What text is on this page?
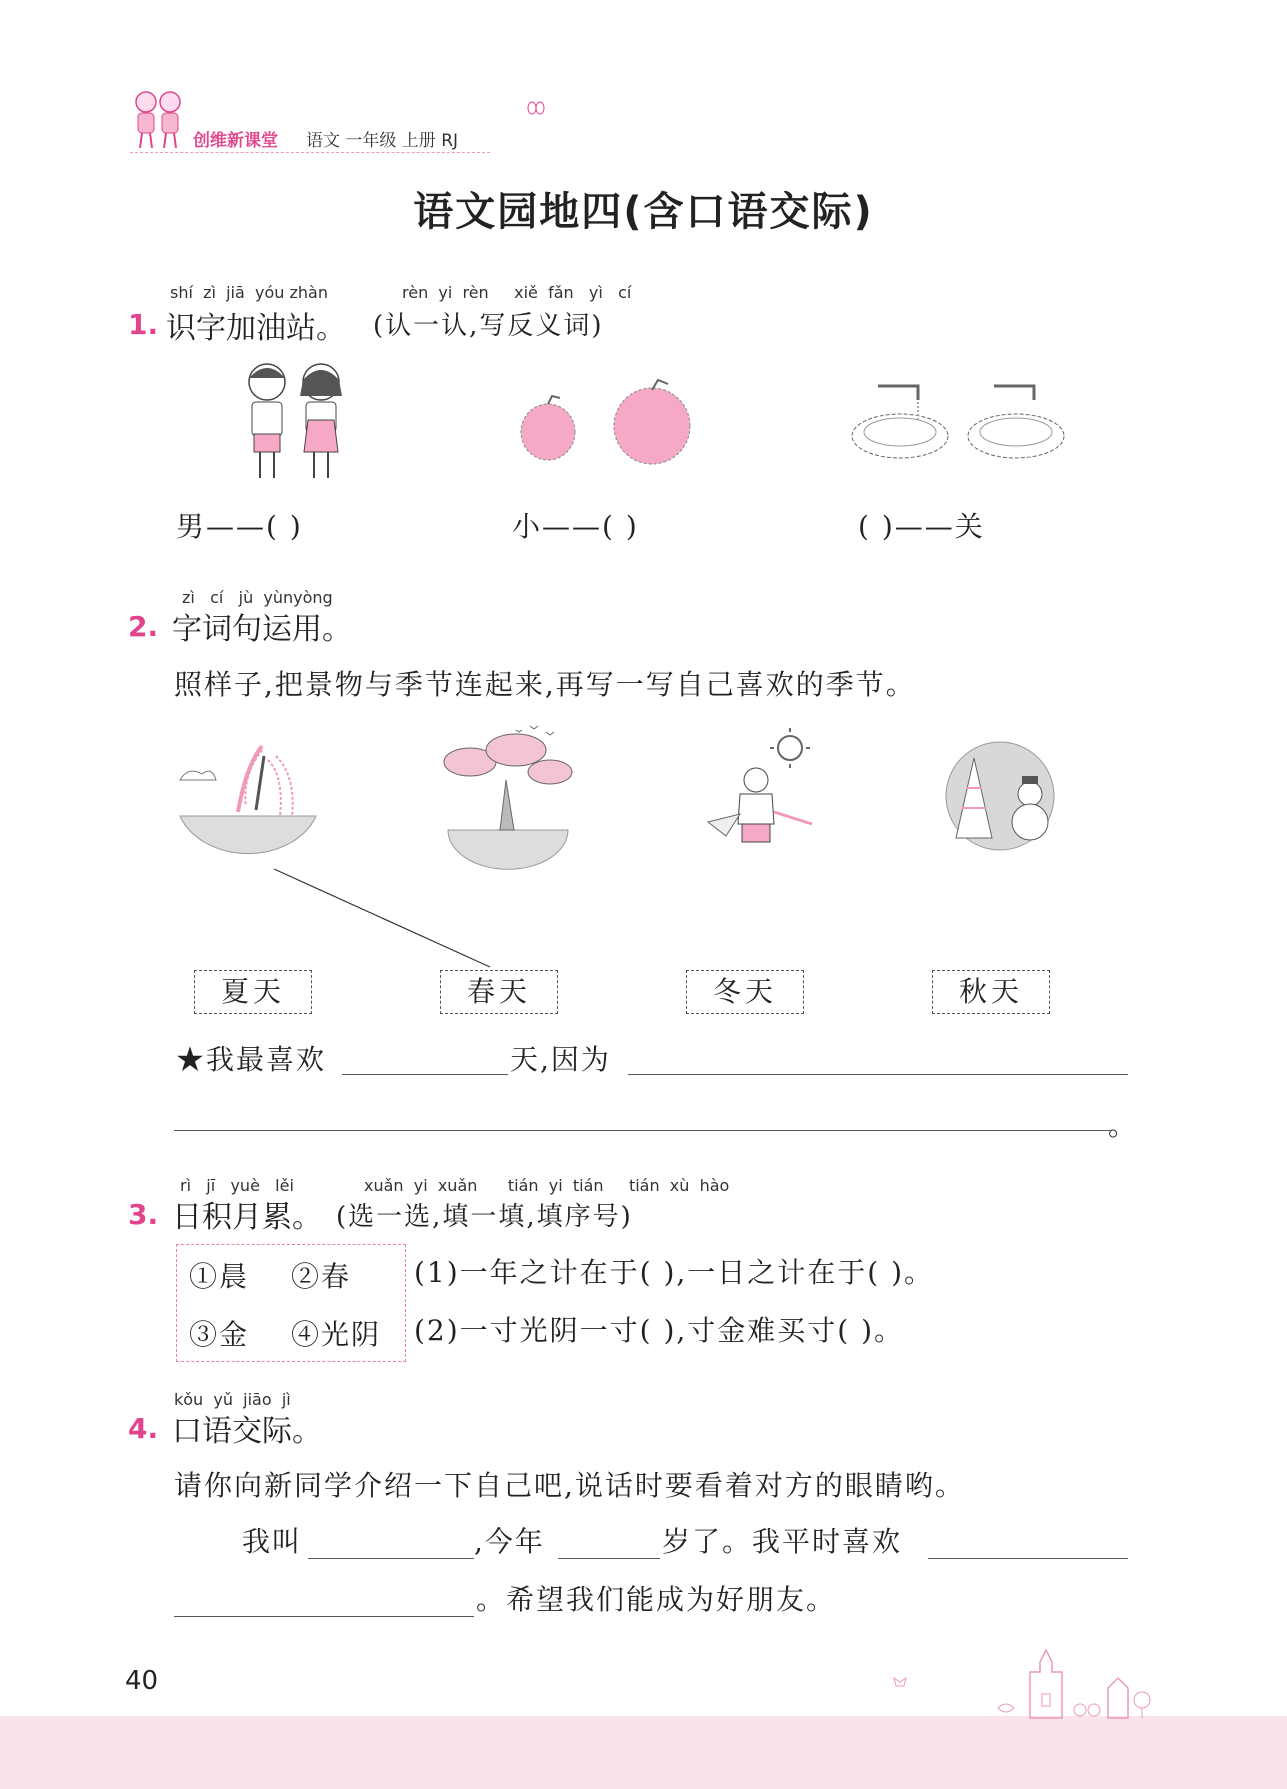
创维新课堂 语文 一年级 上册 RJ
语文园地四(含口语交际)
shí zì jiā yóu zhàn	rèn yi rèn xiě fǎn yì cí
1. 识字加油站。 (认一认,写反义词)
男——( )	小——( )	( )——关
zì cí jù yùnyòng
2. 字词句运用。
照样子,把景物与季节连起来,再写一写自己喜欢的季节。
夏天	春天	冬天	秋天
★我最喜欢	天,因为
。
rì jī yuè lěi	xuǎn yi xuǎn tián yi tián tián xù hào
3. 日积月累。 (选一选,填一填,填序号)
①晨 ②春
③金 ④光阴
(1)一年之计在于( ),一日之计在于( )。
(2)一寸光阴一寸( ),寸金难买寸( )。
kǒu yǔ jiāo jì
4. 口语交际。
请你向新同学介绍一下自己吧,说话时要看着对方的眼睛哟。
我叫	,今年	岁了。我平时喜欢
。希望我们能成为好朋友。
40
